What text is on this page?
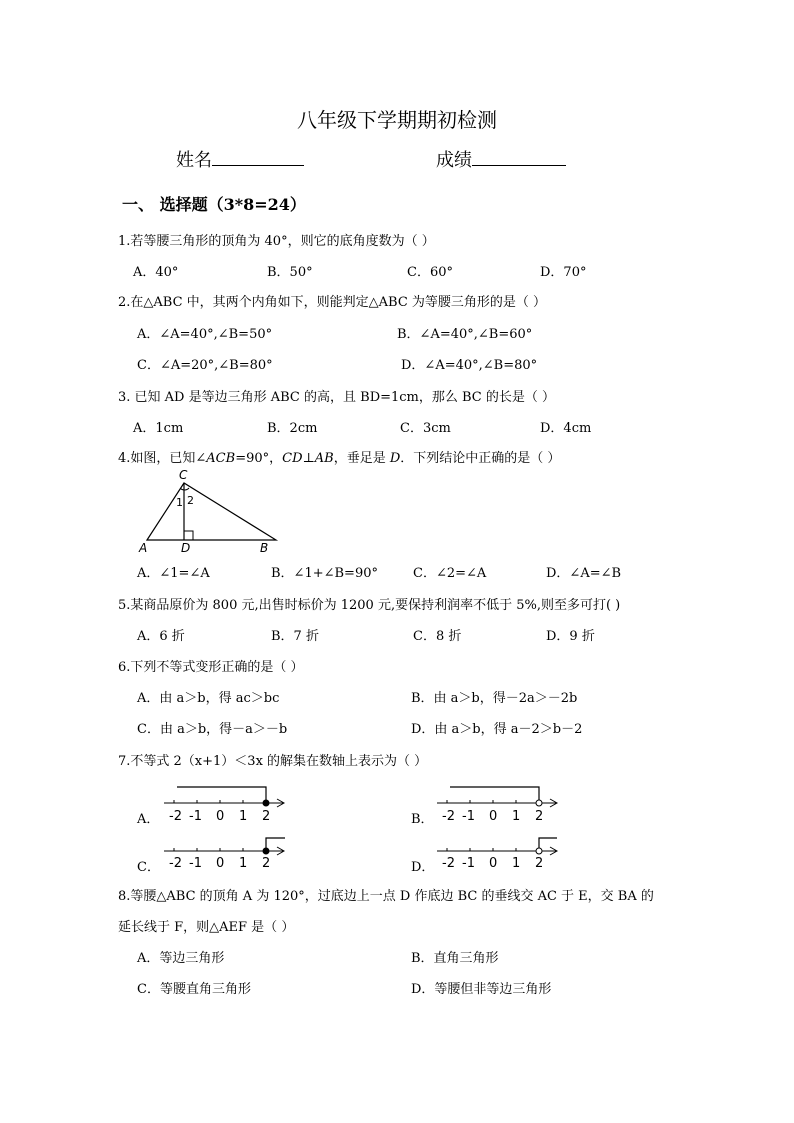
八年级下学期期初检测
姓名	成绩
一、 选择题（3*8=24）
1.若等腰三角形的顶角为 40°，则它的底角度数为（ ）
A．40°	B．50°	C．60°	D．70°
2.在△ABC 中，其两个内角如下，则能判定△ABC 为等腰三角形的是（ ）
A．∠A=40°,∠B=50°	B．∠A=40°,∠B=60°
C．∠A=20°,∠B=80°	D．∠A=40°,∠B=80°
3. 已知 AD 是等边三角形 ABC 的高，且 BD=1cm，那么 BC 的长是（ ）
A．1cm	B．2cm	C．3cm	D．4cm
4.如图，已知∠ACB=90°，CD⊥AB，垂足是 D．下列结论中正确的是（ ）
C
1 2
A	D	B
A．∠1=∠A	B．∠1+∠B=90°	C．∠2=∠A	D．∠A=∠B
5.某商品原价为 800 元,出售时标价为 1200 元,要保持利润率不低于 5%,则至多可打( )
A．6 折	B．7 折	C．8 折	D．9 折
6.下列不等式变形正确的是（ ）
A．由 a＞b，得 ac＞bc	B．由 a＞b，得－2a＞－2b
C．由 a＞b，得－a＞－b	D．由 a＞b，得 a－2＞b－2
7.不等式 2（x+1）＜3x 的解集在数轴上表示为（ ）
A． -2 -1 0 1 2	B． -2 -1 0 1 2
C． -2 -1 0 1 2	D． -2 -1 0 1 2
8.等腰△ABC 的顶角 A 为 120°，过底边上一点 D 作底边 BC 的垂线交 AC 于 E，交 BA 的
延长线于 F，则△AEF 是（ ）
A．等边三角形	B．直角三角形
C．等腰直角三角形	D．等腰但非等边三角形
